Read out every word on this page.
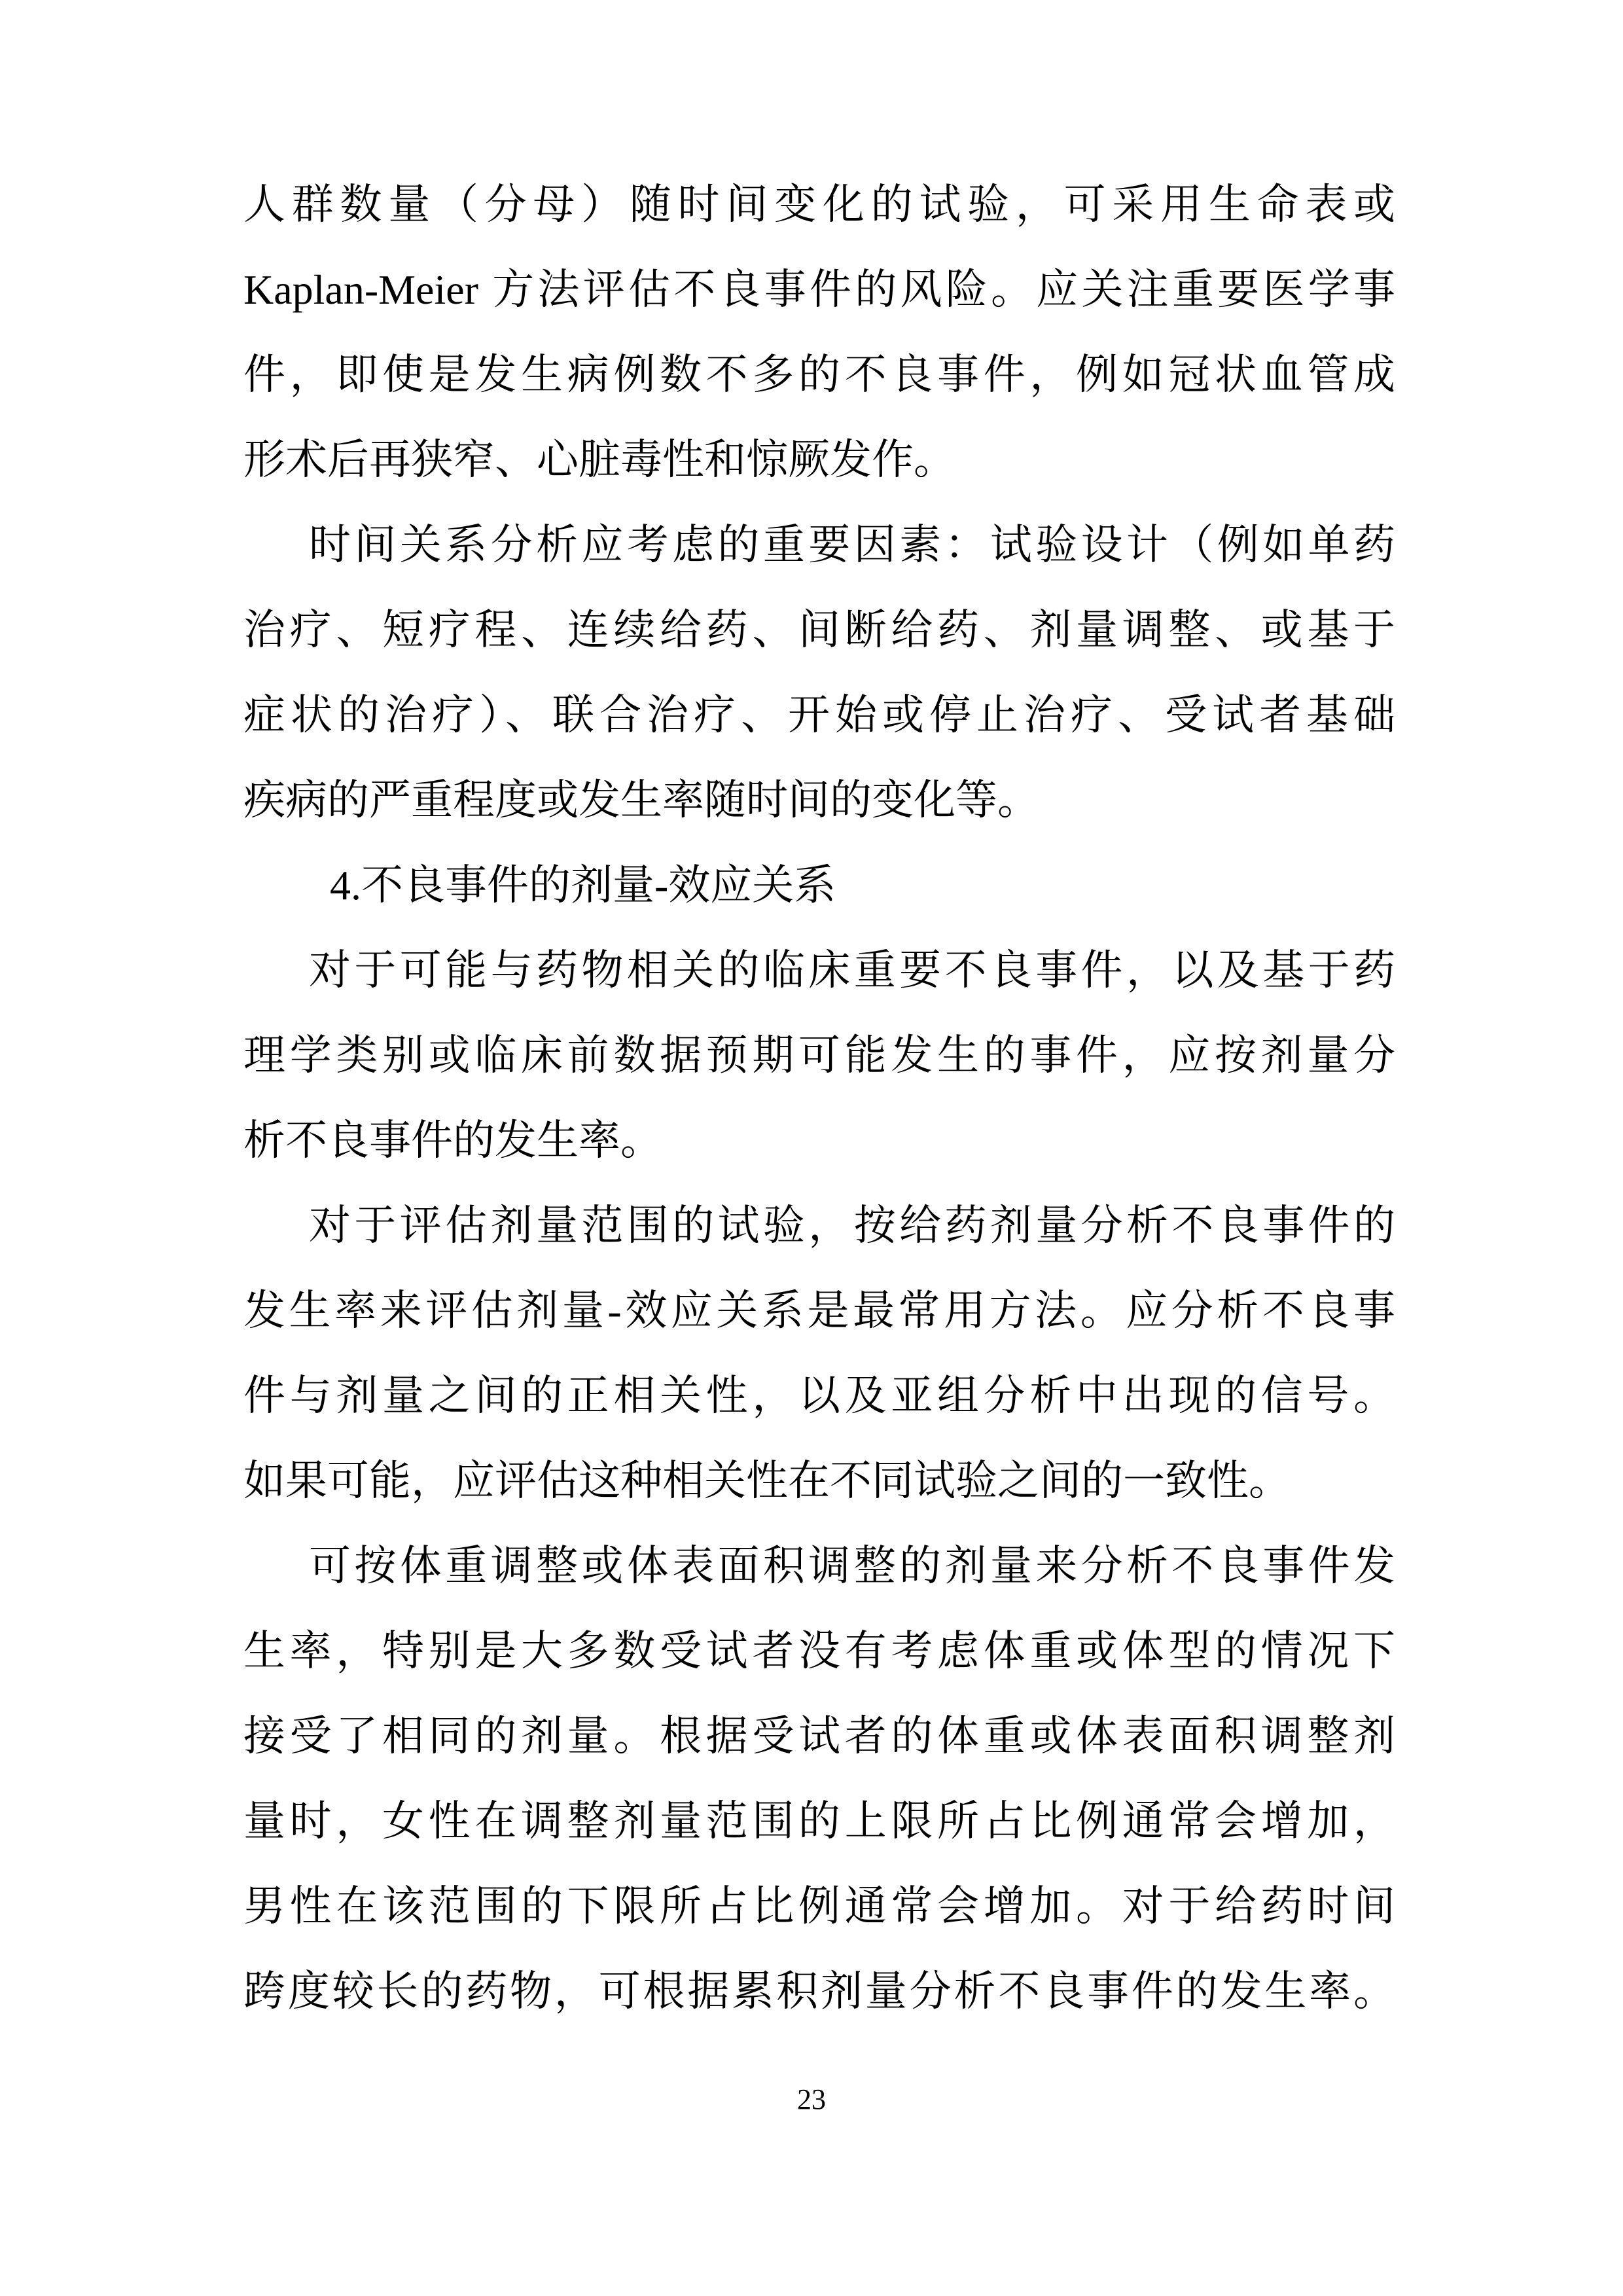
人群数量（分母）随时间变化的试验，可采用生命表或
Kaplan-Meier 方法评估不良事件的风险。应关注重要医学事
件，即使是发生病例数不多的不良事件，例如冠状血管成
形术后再狭窄、心脏毒性和惊厥发作。
时间关系分析应考虑的重要因素：试验设计（例如单药
治疗、短疗程、连续给药、间断给药、剂量调整、或基于
症状的治疗）、联合治疗、开始或停止治疗、受试者基础
疾病的严重程度或发生率随时间的变化等。
4.不良事件的剂量-效应关系
对于可能与药物相关的临床重要不良事件，以及基于药
理学类别或临床前数据预期可能发生的事件，应按剂量分
析不良事件的发生率。
对于评估剂量范围的试验，按给药剂量分析不良事件的
发生率来评估剂量-效应关系是最常用方法。应分析不良事
件与剂量之间的正相关性，以及亚组分析中出现的信号。
如果可能，应评估这种相关性在不同试验之间的一致性。
可按体重调整或体表面积调整的剂量来分析不良事件发
生率，特别是大多数受试者没有考虑体重或体型的情况下
接受了相同的剂量。根据受试者的体重或体表面积调整剂
量时，女性在调整剂量范围的上限所占比例通常会增加，
男性在该范围的下限所占比例通常会增加。对于给药时间
跨度较长的药物，可根据累积剂量分析不良事件的发生率。
23
